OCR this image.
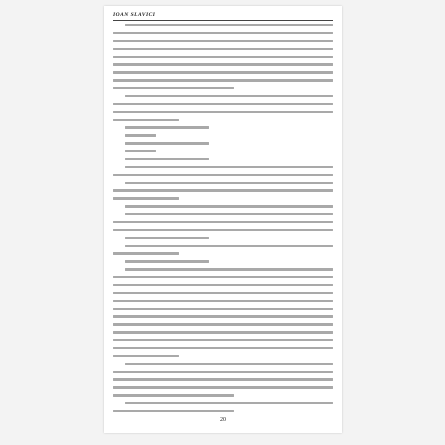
IOAN SLAVICI
20
